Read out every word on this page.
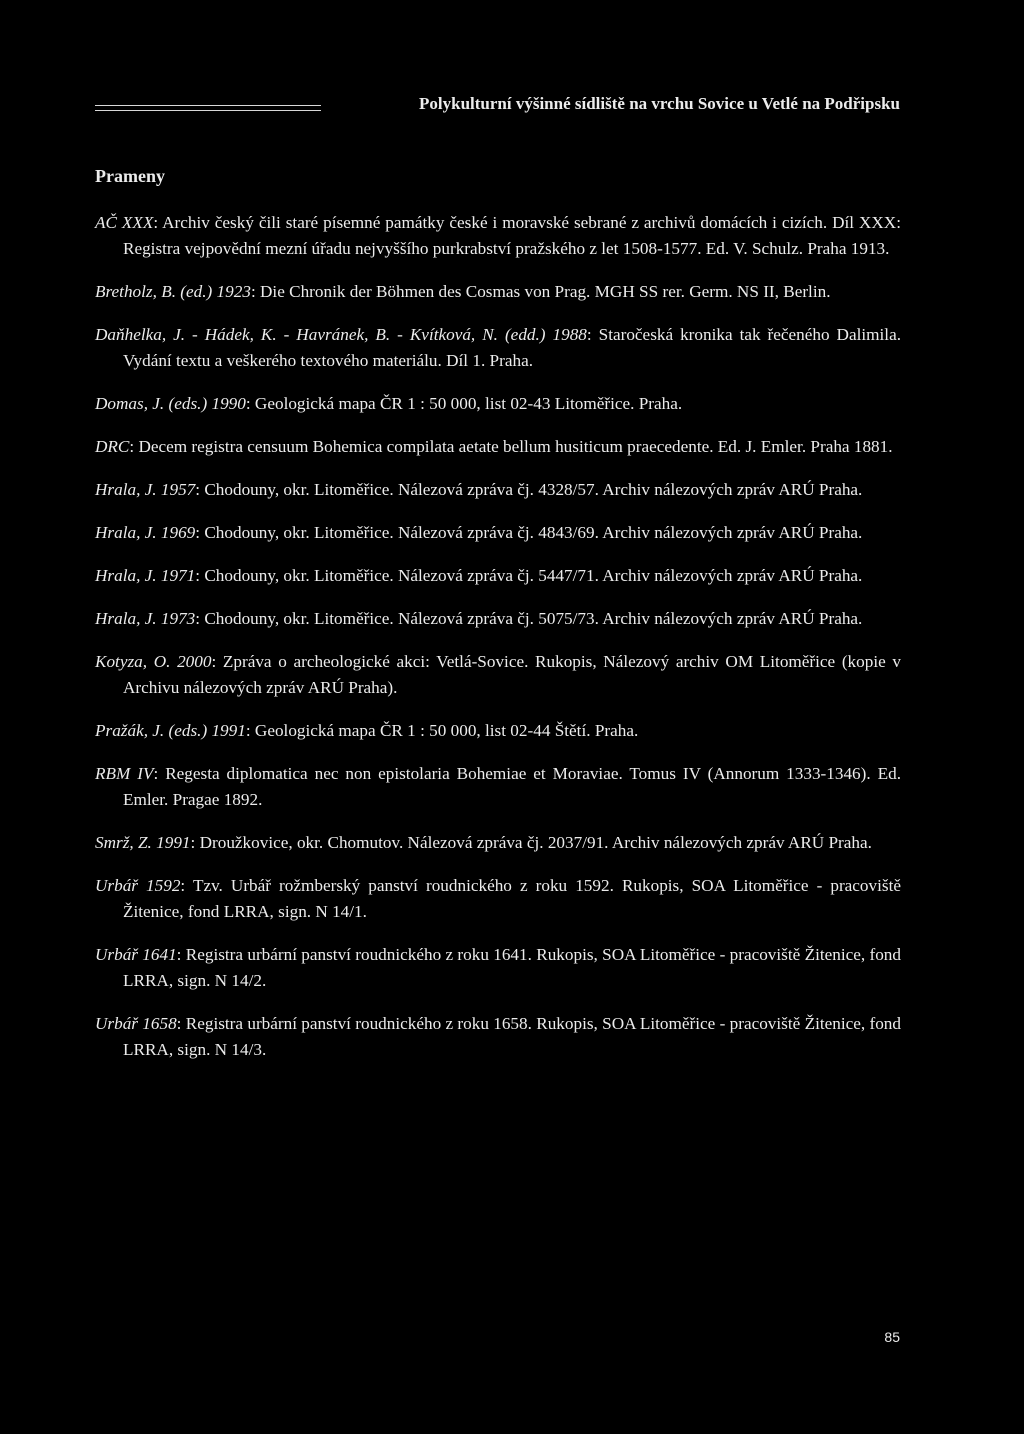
Polykulturní výšinné sídliště na vrchu Sovice u Vetlé na Podřipsku
Prameny
AČ XXX: Archiv český čili staré písemné památky české i moravské sebrané z archivů domácích i cizích. Díl XXX: Registra vejpovědní mezní úřadu nejvyššího purkrabství pražského z let 1508-1577. Ed. V. Schulz. Praha 1913.
Bretholz, B. (ed.) 1923: Die Chronik der Böhmen des Cosmas von Prag. MGH SS rer. Germ. NS II, Berlin.
Daňhelka, J. - Hádek, K. - Havránek, B. - Kvítková, N. (edd.) 1988: Staročeská kronika tak řečeného Dalimila. Vydání textu a veškerého textového materiálu. Díl 1. Praha.
Domas, J. (eds.) 1990: Geologická mapa ČR 1 : 50 000, list 02-43 Litoměřice. Praha.
DRC: Decem registra censuum Bohemica compilata aetate bellum husiticum praecedente. Ed. J. Emler. Praha 1881.
Hrala, J. 1957: Chodouny, okr. Litoměřice. Nálezová zpráva čj. 4328/57. Archiv nálezových zpráv ARÚ Praha.
Hrala, J. 1969: Chodouny, okr. Litoměřice. Nálezová zpráva čj. 4843/69. Archiv nálezových zpráv ARÚ Praha.
Hrala, J. 1971: Chodouny, okr. Litoměřice. Nálezová zpráva čj. 5447/71. Archiv nálezových zpráv ARÚ Praha.
Hrala, J. 1973: Chodouny, okr. Litoměřice. Nálezová zpráva čj. 5075/73. Archiv nálezových zpráv ARÚ Praha.
Kotyza, O. 2000: Zpráva o archeologické akci: Vetlá-Sovice. Rukopis, Nálezový archiv OM Litoměřice (kopie v Archivu nálezových zpráv ARÚ Praha).
Pražák, J. (eds.) 1991: Geologická mapa ČR 1 : 50 000, list 02-44 Štětí. Praha.
RBM IV: Regesta diplomatica nec non epistolaria Bohemiae et Moraviae. Tomus IV (Annorum 1333-1346). Ed. Emler. Pragae 1892.
Smrž, Z. 1991: Droužkovice, okr. Chomutov. Nálezová zpráva čj. 2037/91. Archiv nálezových zpráv ARÚ Praha.
Urbář 1592: Tzv. Urbář rožmberský panství roudnického z roku 1592. Rukopis, SOA Litoměřice - pracoviště Žitenice, fond LRRA, sign. N 14/1.
Urbář 1641: Registra urbární panství roudnického z roku 1641. Rukopis, SOA Litoměřice - pracoviště Žitenice, fond LRRA, sign. N 14/2.
Urbář 1658: Registra urbární panství roudnického z roku 1658. Rukopis, SOA Litoměřice - pracoviště Žitenice, fond LRRA, sign. N 14/3.
85
